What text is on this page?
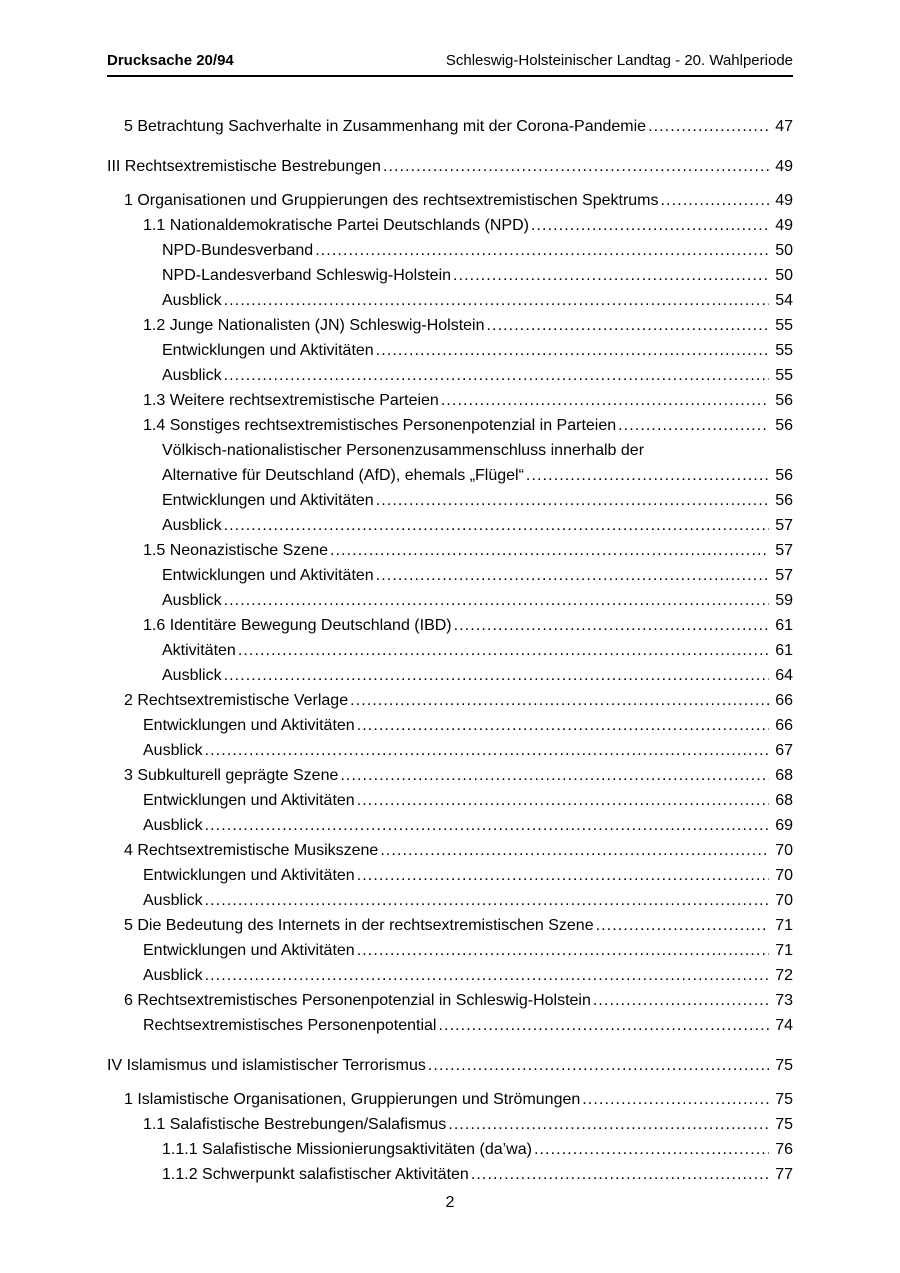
Drucksache 20/94	Schleswig-Holsteinischer Landtag - 20. Wahlperiode
5 Betrachtung Sachverhalte in Zusammenhang mit der Corona-Pandemie .....	47
III Rechtsextremistische Bestrebungen .....	49
1 Organisationen und Gruppierungen des rechtsextremistischen Spektrums .....	49
1.1 Nationaldemokratische Partei Deutschlands (NPD) .....	49
NPD-Bundesverband .....	50
NPD-Landesverband Schleswig-Holstein .....	50
Ausblick .....	54
1.2 Junge Nationalisten (JN) Schleswig-Holstein .....	55
Entwicklungen und Aktivitäten .....	55
Ausblick .....	55
1.3 Weitere rechtsextremistische Parteien .....	56
1.4 Sonstiges rechtsextremistisches Personenpotenzial in Parteien .....	56
Völkisch-nationalistischer Personenzusammenschluss innerhalb der
Alternative für Deutschland (AfD), ehemals „Flügel“ .....	56
Entwicklungen und Aktivitäten .....	56
Ausblick .....	57
1.5 Neonazistische Szene .....	57
Entwicklungen und Aktivitäten .....	57
Ausblick .....	59
1.6 Identitäre Bewegung Deutschland (IBD) .....	61
Aktivitäten .....	61
Ausblick .....	64
2 Rechtsextremistische Verlage .....	66
Entwicklungen und Aktivitäten .....	66
Ausblick .....	67
3 Subkulturell geprägte Szene .....	68
Entwicklungen und Aktivitäten .....	68
Ausblick .....	69
4 Rechtsextremistische Musikszene .....	70
Entwicklungen und Aktivitäten .....	70
Ausblick .....	70
5 Die Bedeutung des Internets in der rechtsextremistischen Szene .....	71
Entwicklungen und Aktivitäten .....	71
Ausblick .....	72
6 Rechtsextremistisches Personenpotenzial in Schleswig-Holstein .....	73
Rechtsextremistisches Personenpotential .....	74
IV Islamismus und islamistischer Terrorismus .....	75
1 Islamistische Organisationen, Gruppierungen und Strömungen .....	75
1.1 Salafistische Bestrebungen/Salafismus .....	75
1.1.1 Salafistische Missionierungsaktivitäten (da’wa) .....	76
1.1.2 Schwerpunkt salafistischer Aktivitäten .....	77
2
